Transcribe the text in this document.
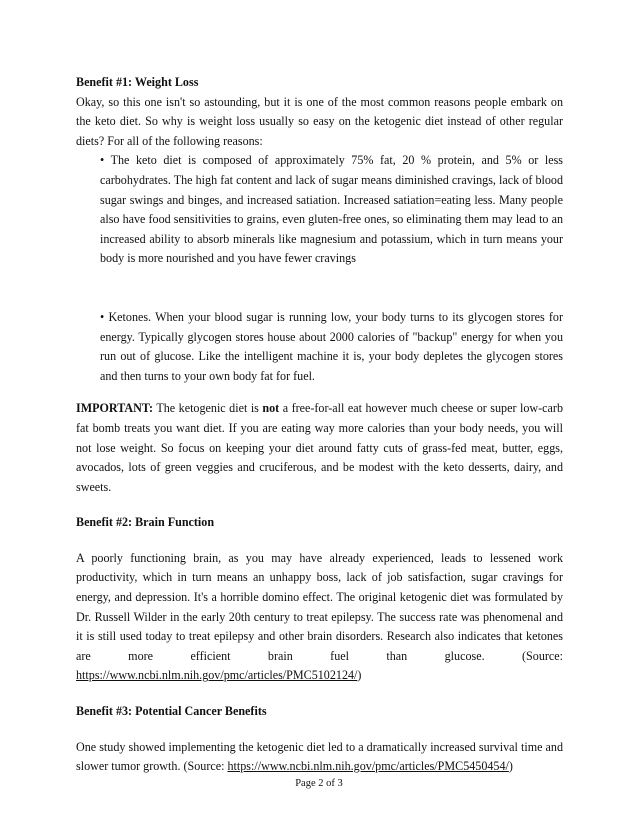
Benefit #1: Weight Loss

Okay, so this one isn't so astounding, but it is one of the most common reasons people embark on the keto diet. So why is weight loss usually so easy on the ketogenic diet instead of other regular diets? For all of the following reasons:

• The keto diet is composed of approximately 75% fat, 20 % protein, and 5% or less carbohydrates. The high fat content and lack of sugar means diminished cravings, lack of blood sugar swings and binges, and increased satiation. Increased satiation=eating less. Many people also have food sensitivities to grains, even gluten-free ones, so eliminating them may lead to an increased ability to absorb minerals like magnesium and potassium, which in turn means your body is more nourished and you have fewer cravings

• Ketones. When your blood sugar is running low, your body turns to its glycogen stores for energy. Typically glycogen stores house about 2000 calories of "backup" energy for when you run out of glucose. Like the intelligent machine it is, your body depletes the glycogen stores and then turns to your own body fat for fuel.

IMPORTANT: The ketogenic diet is not a free-for-all eat however much cheese or super low-carb fat bomb treats you want diet. If you are eating way more calories than your body needs, you will not lose weight. So focus on keeping your diet around fatty cuts of grass-fed meat, butter, eggs, avocados, lots of green veggies and cruciferous, and be modest with the keto desserts, dairy, and sweets.

Benefit #2: Brain Function

A poorly functioning brain, as you may have already experienced, leads to lessened work productivity, which in turn means an unhappy boss, lack of job satisfaction, sugar cravings for energy, and depression. It's a horrible domino effect. The original ketogenic diet was formulated by Dr. Russell Wilder in the early 20th century to treat epilepsy. The success rate was phenomenal and it is still used today to treat epilepsy and other brain disorders. Research also indicates that ketones are more efficient brain fuel than glucose. (Source: https://www.ncbi.nlm.nih.gov/pmc/articles/PMC5102124/)

Benefit #3: Potential Cancer Benefits

One study showed implementing the ketogenic diet led to a dramatically increased survival time and slower tumor growth. (Source: https://www.ncbi.nlm.nih.gov/pmc/articles/PMC5450454/)

Page 2 of 3
